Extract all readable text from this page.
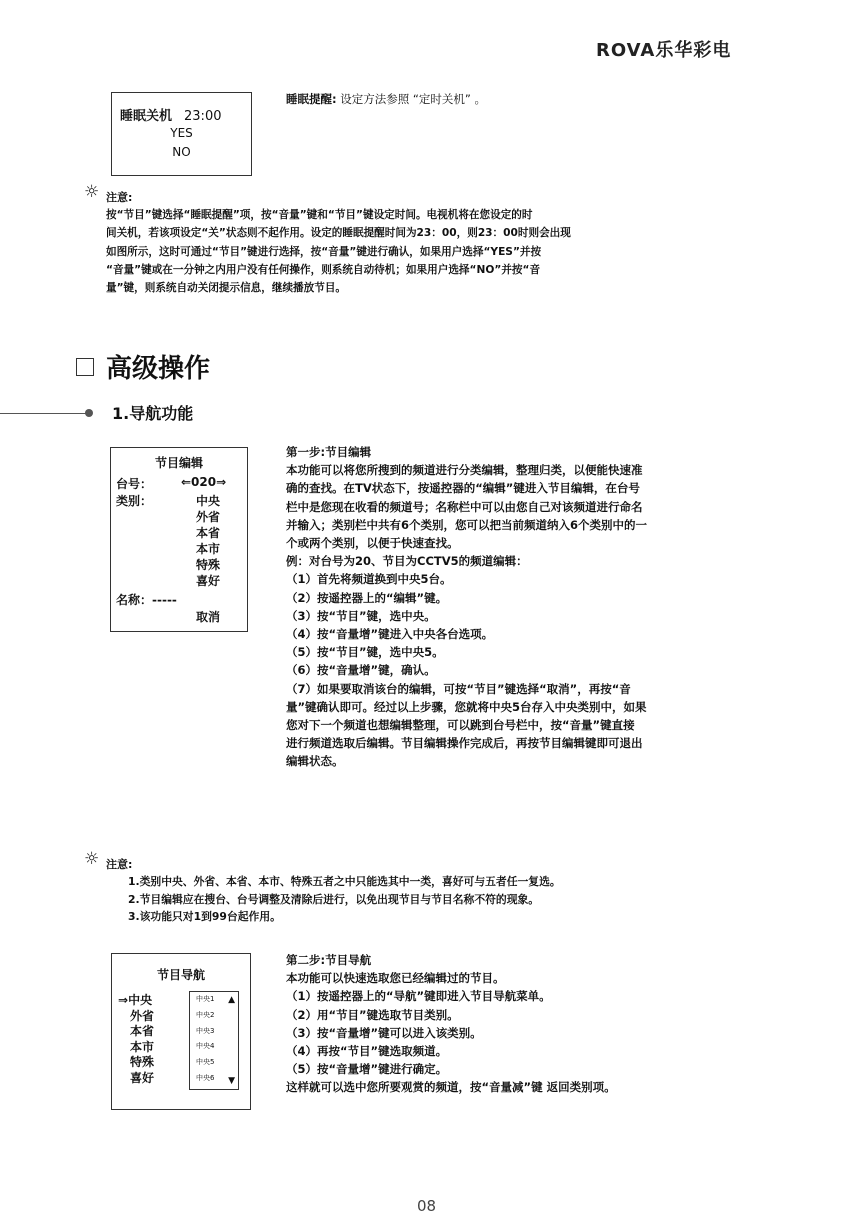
ROVA乐华彩电
睡眠关机 23:00
YES
NO
睡眠提醒: 设定方法参照 “定时关机” 。
☼ 注意:
按“节目”键选择“睡眠提醒”项，按“音量”键和“节目”键设定时间。电视机将在您设定的时
间关机，若该项设定“关”状态则不起作用。设定的睡眠提醒时间为23：00，则23：00时则会出现
如图所示，这时可通过“节目”键进行选择，按“音量”键进行确认，如果用户选择“YES”并按
“音量”键或在一分钟之内用户没有任何操作，则系统自动待机；如果用户选择“NO”并按“音
量”键，则系统自动关闭提示信息，继续播放节目。
高级操作
1.导航功能
节目编辑
台号： ⇐020⇒
类别：	中央
外省
本省
本市
特殊
喜好
名称：-----
取消

第一步:节目编辑

本功能可以将您所搜到的频道进行分类编辑，整理归类，以便能快速准

确的查找。在TV状态下，按遥控器的“编辑”键进入节目编辑，在台号

栏中是您现在收看的频道号；名称栏中可以由您自己对该频道进行命名

并输入；类别栏中共有6个类别，您可以把当前频道纳入6个类别中的一

个或两个类别，以便于快速查找。

例：对台号为20、节目为CCTV5的频道编辑：

（1）首先将频道换到中央5台。

（2）按遥控器上的“编辑”键。

（3）按“节目”键，选中央。

（4）按“音量增”键进入中央各台选项。

（5）按“节目”键，选中央5。

（6）按“音量增”键，确认。

（7）如果要取消该台的编辑，可按“节目”键选择“取消”，再按“音

量”键确认即可。经过以上步骤，您就将中央5台存入中央类别中，如果

您对下一个频道也想编辑整理，可以跳到台号栏中，按“音量”键直接

进行频道选取后编辑。节目编辑操作完成后，再按节目编辑键即可退出

编辑状态。

☼ 注意:

1.类别中央、外省、本省、本市、特殊五者之中只能选其中一类，喜好可与五者任一复选。

2.节目编辑应在搜台、台号调整及清除后进行，以免出现节目与节目名称不符的现象。

3.该功能只对1到99台起作用。

节目导航
⇒中央
外省
本省
本市
特殊
喜好
▲
▼
中央1
中央2
中央3
中央4
中央5
中央6

第二步:节目导航

本功能可以快速选取您已经编辑过的节目。

（1）按遥控器上的“导航”键即进入节目导航菜单。

（2）用“节目”键选取节目类别。

（3）按“音量增”键可以进入该类别。

（4）再按“节目”键选取频道。

（5）按“音量增”键进行确定。

这样就可以选中您所要观赏的频道，按“音量减”键 返回类别项。

08
